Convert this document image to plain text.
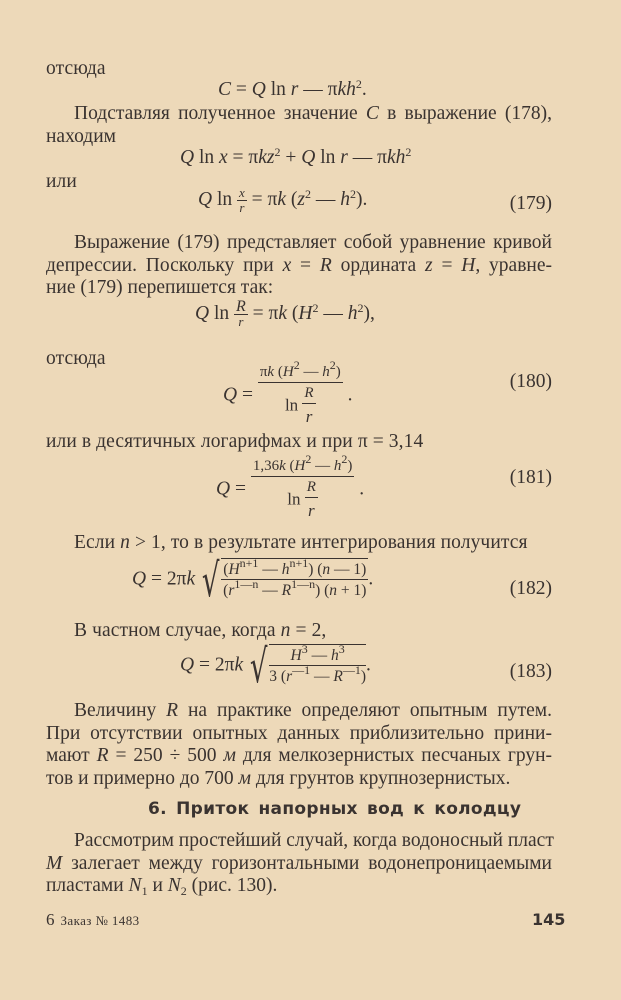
отсюда
C = Q ln r — πkh$^2$.
Подставляя полученное значение C в выражение (178),
находим
Q ln x = πkz$^2$ + Q ln r — πkh$^2$
или
Q $\ln \frac{x}{r} = \pi k$ ($z^2$ — $h^2$).	(179)
Выражение (179) представляет собой уравнение кривой
депрессии. Поскольку при x = R ордината z = H, уравне-
ние (179) перепишется так:
Q $\ln \frac{R}{r} = \pi k$ ($H^2$ — $h^2$),
отсюда
$Q = \frac{\pi k (H^2 — h^2)}{\ln \frac{R}{r}}$ .
(180)
или в десятичных логарифмах и при π = 3,14
$Q = \frac{1,36k (H^2 — h^2)}{\ln \frac{R}{r}}$ .
(181)
Если n > 1, то в результате интегрирования получится
Q = 2πk √ $\frac{(H^{n+1} — h^{n+1}) (n — 1)}{(r^{1—n} — R^{1—n}) (n + 1)}$ .	(182)
В частном случае, когда n = 2,
Q = 2πk √ $\frac{H^3 — h^3}{3 (r^{—1} — R^{—1})}$ .	(183)
Величину R на практике определяют опытным путем.
При отсутствии опытных данных приблизительно прини-
мают R = 250 ÷ 500 м для мелкозернистых песчаных грун-
тов и примерно до 700 м для грунтов крупнозернистых.
6. Приток напорных вод к колодцу
Рассмотрим простейший случай, когда водоносный пласт
M залегает между горизонтальными водонепроницаемыми
пластами $N_1$ и $N_2$ (рис. 130).
6 Заказ № 1483	145
